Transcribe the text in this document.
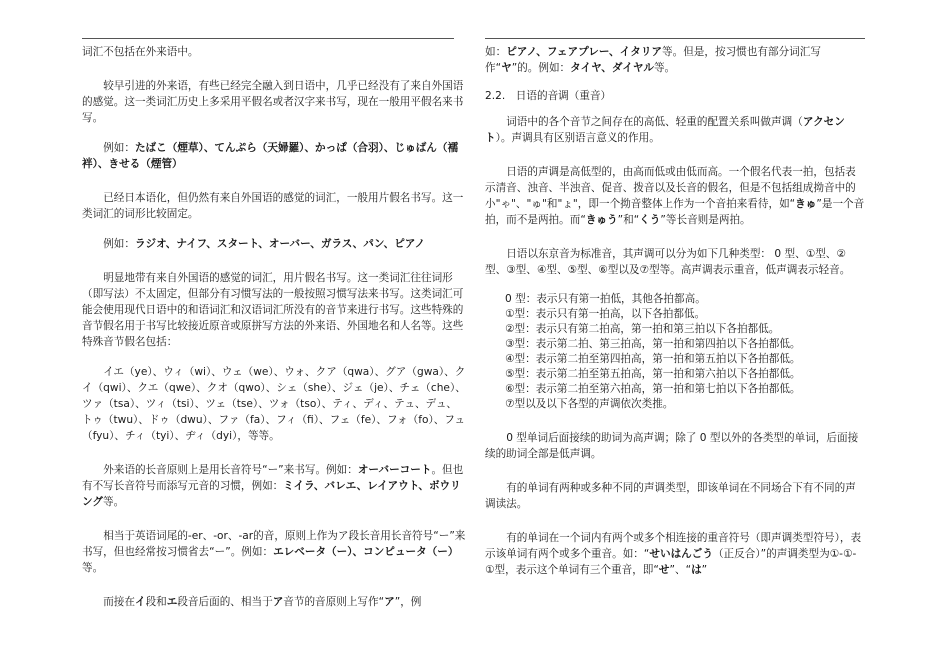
词汇不包括在外来语中。

较早引进的外来语，有些已经完全融入到日语中，几乎已经没有了来自外国语的感觉。这一类词汇历史上多采用平假名或者汉字来书写，现在一般用平假名来书写。

例如：たばこ（煙草）、てんぷら（天婦羅）、かっぱ（合羽）、じゅばん（襦袢）、きせる（煙管）

已经日本语化，但仍然有来自外国语的感觉的词汇，一般用片假名书写。这一类词汇的词形比较固定。

例如：ラジオ、ナイフ、スタート、オーバー、ガラス、パン、ピアノ

明显地带有来自外国语的感觉的词汇，用片假名书写。这一类词汇往往词形（即写法）不太固定，但部分有习惯写法的一般按照习惯写法来书写。这类词汇可能会使用现代日语中的和语词汇和汉语词汇所没有的音节来进行书写。这些特殊的音节假名用于书写比较接近原音或原拼写方法的外来语、外国地名和人名等。这些特殊音节假名包括：

イエ（ye）、ウィ（wi）、ウェ（we）、ウォ、クア（qwa）、グア（gwa）、クイ（qwi）、クエ（qwe）、クオ（qwo）、シェ（she）、ジェ（je）、チェ（che）、ツァ（tsa）、ツィ（tsi）、ツェ（tse）、ツォ（tso）、ティ、ディ、テュ、デュ、トゥ（twu）、ドゥ（dwu）、ファ（fa）、フィ（fi）、フェ（fe）、フォ（fo）、フュ（fyu）、チィ（tyi）、ヂィ（dyi），等等。

外来语的长音原则上是用长音符号“ー”来书写。例如：オーバーコート。但也有不写长音符号而添写元音的习惯，例如：ミイラ、バレエ、レイアウト、ボウリング等。

相当于英语词尾的-er、-or、-ar的音，原则上作为ア段长音用长音符号“ー”来书写，但也经常按习惯省去“ー”。例如：エレベータ（ー）、コンピュータ（ー）等。

而接在イ段和エ段音后面的、相当于ア音节的音原则上写作“ア”，例

如：ピアノ、フェアプレー、イタリア等。但是，按习惯也有部分词汇写作“ヤ”的。例如：タイヤ、ダイヤル等。

2.2.　日语的音调（重音）

词语中的各个音节之间存在的高低、轻重的配置关系叫做声调（アクセント）。声调具有区别语言意义的作用。

日语的声调是高低型的，由高而低或由低而高。一个假名代表一拍，包括表示清音、浊音、半浊音、促音、拨音以及长音的假名，但是不包括组成拗音中的小"ゃ"、"ゅ"和"ょ"，即一个拗音整体上作为一个音拍来看待，如“きゅ”是一个音拍，而不是两拍。而“きゅう”和“くう”等长音则是两拍。

日语以东京音为标准音，其声调可以分为如下几种类型： 0 型、①型、②型、③型、④型、⑤型、⑥型以及⑦型等。高声调表示重音，低声调表示轻音。

0 型：表示只有第一拍低，其他各拍都高。
①型：表示只有第一拍高，以下各拍都低。
②型：表示只有第二拍高，第一拍和第三拍以下各拍都低。
③型：表示第二拍、第三拍高，第一拍和第四拍以下各拍都低。
④型：表示第二拍至第四拍高，第一拍和第五拍以下各拍都低。
⑤型：表示第二拍至第五拍高，第一拍和第六拍以下各拍都低。
⑥型：表示第二拍至第六拍高，第一拍和第七拍以下各拍都低。
⑦型以及以下各型的声调依次类推。

0 型单词后面接续的助词为高声调；除了 0 型以外的各类型的单词，后面接续的助词全部是低声调。

有的单词有两种或多种不同的声调类型，即该单词在不同场合下有不同的声调读法。

有的单词在一个词内有两个或多个相连接的重音符号（即声调类型符号），表示该单词有两个或多个重音。如：“せいはんごう（正反合）”的声调类型为①-①-①型，表示这个单词有三个重音，即“せ”、“は”
